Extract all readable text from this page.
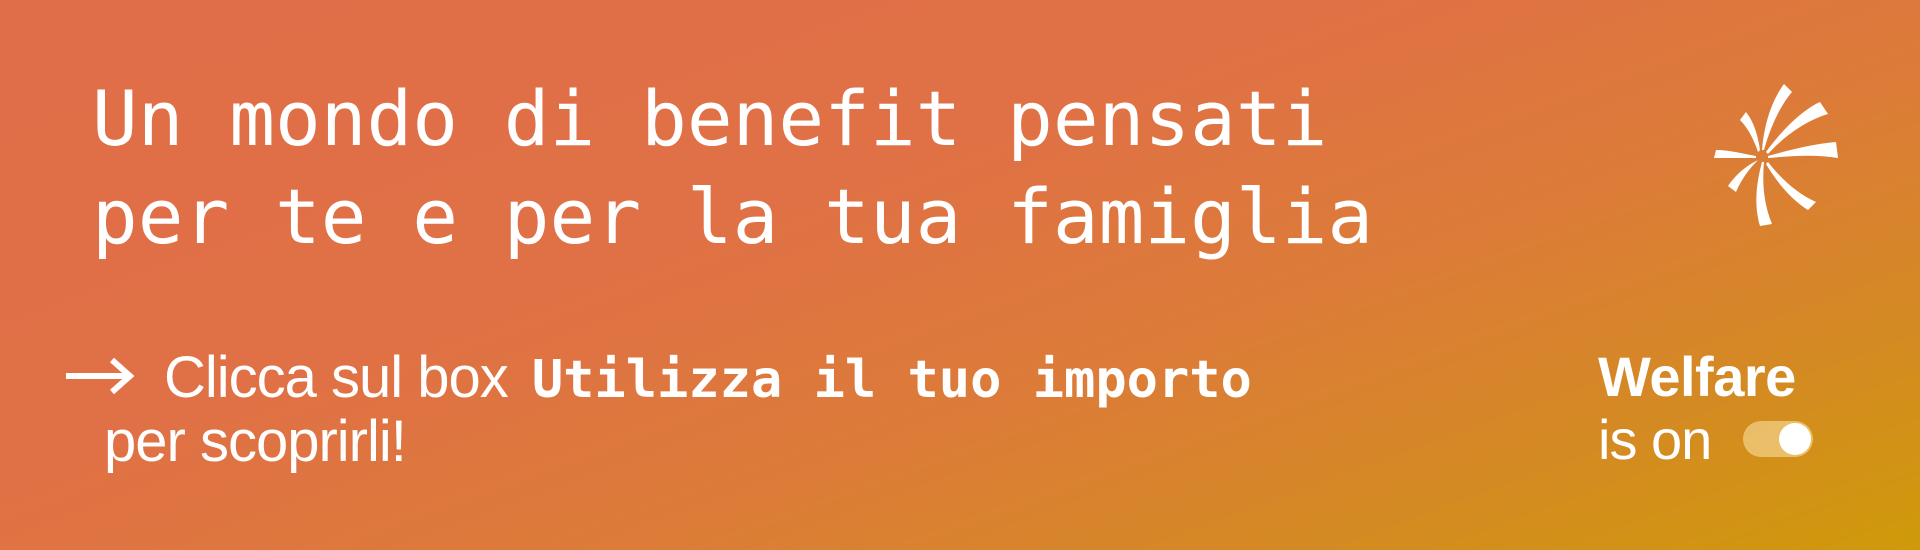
Un mondo di benefit pensati
per te e per la tua famiglia
Clicca sul box Utilizza il tuo importo
per scoprirli!
Welfare
is on
